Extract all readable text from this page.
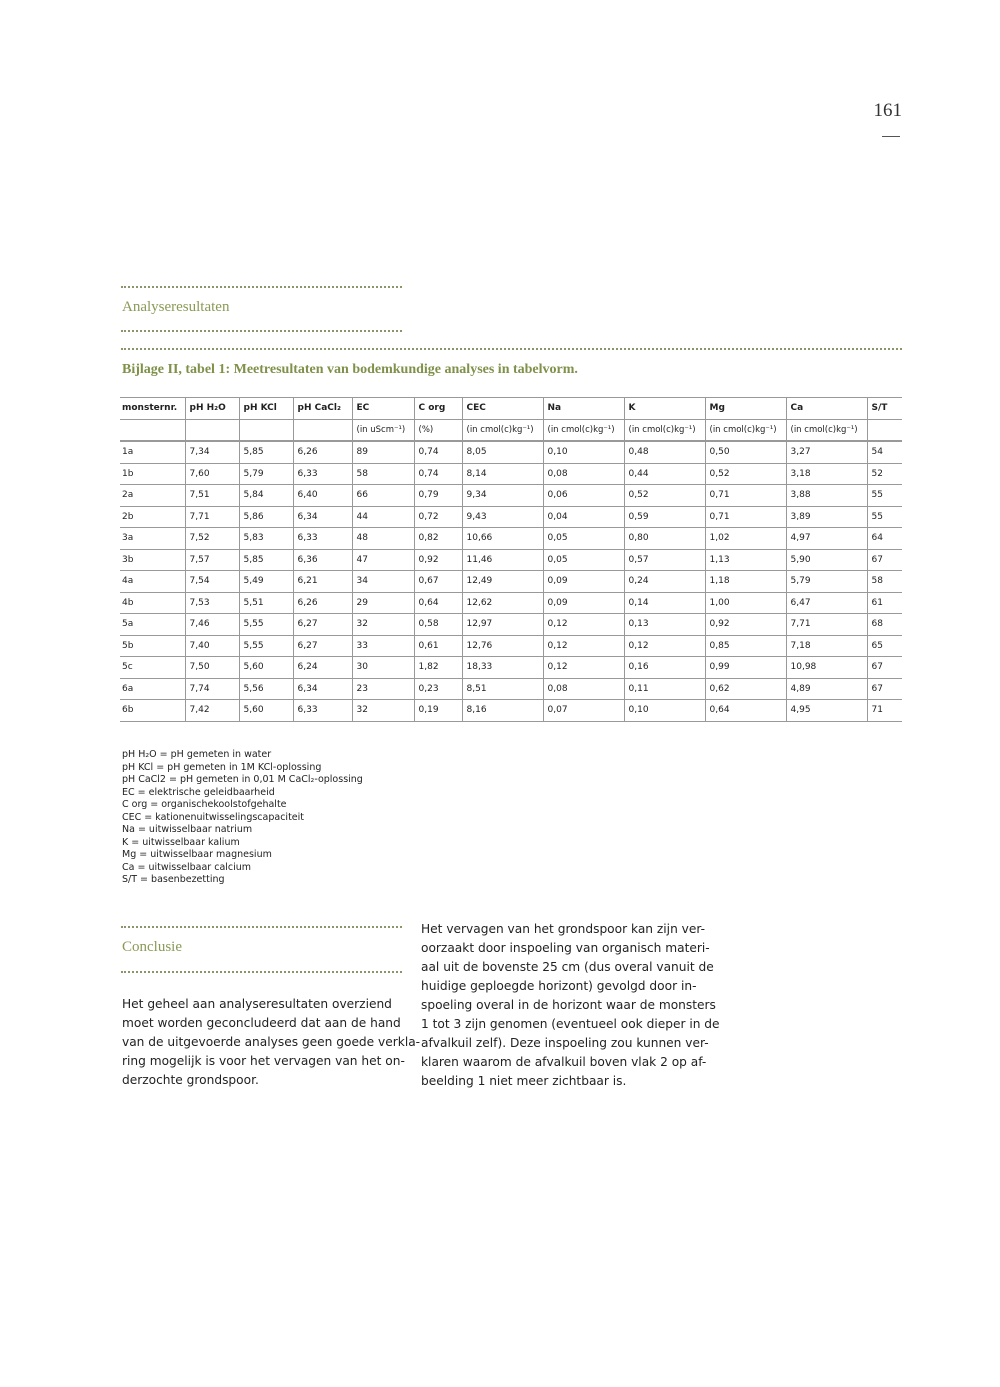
161
Analyseresultaten
Bijlage II, tabel 1: Meetresultaten van bodemkundige analyses in tabelvorm.
monsternr.	pH H₂O	pH KCl	pH CaCl₂	EC	C org	CEC	Na	K	Mg	Ca	S/T
				(in uScm⁻¹)	(%)	(in cmol(c)kg⁻¹)	(in cmol(c)kg⁻¹)	(in cmol(c)kg⁻¹)	(in cmol(c)kg⁻¹)	(in cmol(c)kg⁻¹)	
1a	7,34	5,85	6,26	89	0,74	8,05	0,10	0,48	0,50	3,27	54
1b	7,60	5,79	6,33	58	0,74	8,14	0,08	0,44	0,52	3,18	52
2a	7,51	5,84	6,40	66	0,79	9,34	0,06	0,52	0,71	3,88	55
2b	7,71	5,86	6,34	44	0,72	9,43	0,04	0,59	0,71	3,89	55
3a	7,52	5,83	6,33	48	0,82	10,66	0,05	0,80	1,02	4,97	64
3b	7,57	5,85	6,36	47	0,92	11,46	0,05	0,57	1,13	5,90	67
4a	7,54	5,49	6,21	34	0,67	12,49	0,09	0,24	1,18	5,79	58
4b	7,53	5,51	6,26	29	0,64	12,62	0,09	0,14	1,00	6,47	61
5a	7,46	5,55	6,27	32	0,58	12,97	0,12	0,13	0,92	7,71	68
5b	7,40	5,55	6,27	33	0,61	12,76	0,12	0,12	0,85	7,18	65
5c	7,50	5,60	6,24	30	1,82	18,33	0,12	0,16	0,99	10,98	67
6a	7,74	5,56	6,34	23	0,23	8,51	0,08	0,11	0,62	4,89	67
6b	7,42	5,60	6,33	32	0,19	8,16	0,07	0,10	0,64	4,95	71
pH H₂O = pH gemeten in water
pH KCl = pH gemeten in 1M KCl-oplossing
pH CaCl2 = pH gemeten in 0,01 M CaCl₂-oplossing
EC = elektrische geleidbaarheid
C org = organischekoolstofgehalte
CEC = kationenuitwisselingscapaciteit
Na = uitwisselbaar natrium
K = uitwisselbaar kalium
Mg = uitwisselbaar magnesium
Ca = uitwisselbaar calcium
S/T = basenbezetting
Conclusie

Het geheel aan analyseresultaten overziend
moet worden geconcludeerd dat aan de hand
van de uitgevoerde analyses geen goede verkla-
ring mogelijk is voor het vervagen van het on-
derzochte grondspoor.

Het vervagen van het grondspoor kan zijn ver-
oorzaakt door inspoeling van organisch materi-
aal uit de bovenste 25 cm (dus overal vanuit de
huidige geploegde horizont) gevolgd door in-
spoeling overal in de horizont waar de monsters
1 tot 3 zijn genomen (eventueel ook dieper in de
afvalkuil zelf). Deze inspoeling zou kunnen ver-
klaren waarom de afvalkuil boven vlak 2 op af-
beelding 1 niet meer zichtbaar is.
